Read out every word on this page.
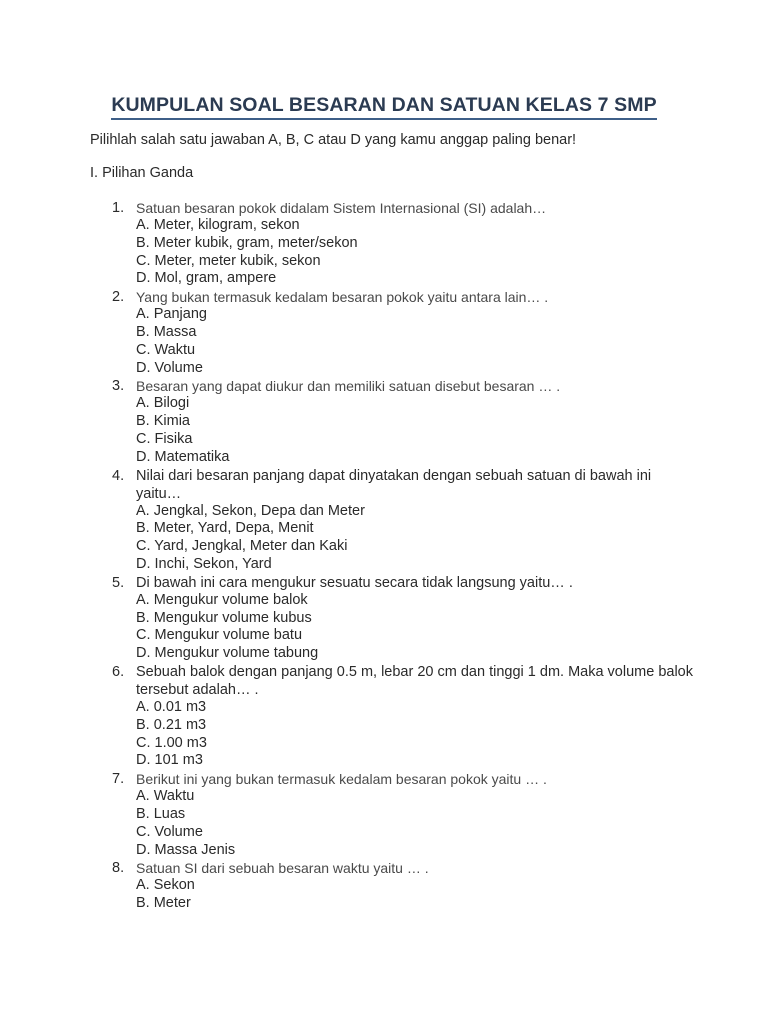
KUMPULAN SOAL BESARAN DAN SATUAN KELAS 7 SMP
Pilihlah salah satu jawaban A, B, C atau D yang kamu anggap paling benar!
I. Pilihan Ganda
1. Satuan besaran pokok didalam Sistem Internasional (SI) adalah…
A. Meter, kilogram, sekon
B. Meter kubik, gram, meter/sekon
C. Meter, meter kubik, sekon
D. Mol, gram, ampere
2. Yang bukan termasuk kedalam besaran pokok yaitu antara lain… .
A. Panjang
B. Massa
C. Waktu
D. Volume
3. Besaran yang dapat diukur dan memiliki satuan disebut besaran … .
A. Bilogi
B. Kimia
C. Fisika
D. Matematika
4. Nilai dari besaran panjang dapat dinyatakan dengan sebuah satuan di bawah ini yaitu…
A. Jengkal, Sekon, Depa dan Meter
B. Meter, Yard, Depa, Menit
C. Yard, Jengkal, Meter dan Kaki
D. Inchi, Sekon, Yard
5. Di bawah ini cara mengukur sesuatu secara tidak langsung yaitu… .
A. Mengukur volume balok
B. Mengukur volume kubus
C. Mengukur volume batu
D. Mengukur volume tabung
6. Sebuah balok dengan panjang 0.5 m, lebar 20 cm dan tinggi 1 dm. Maka volume balok tersebut adalah… .
A. 0.01 m3
B. 0.21 m3
C. 1.00 m3
D. 101 m3
7. Berikut ini yang bukan termasuk kedalam besaran pokok yaitu … .
A. Waktu
B. Luas
C. Volume
D. Massa Jenis
8. Satuan SI dari sebuah besaran waktu yaitu … .
A. Sekon
B. Meter
